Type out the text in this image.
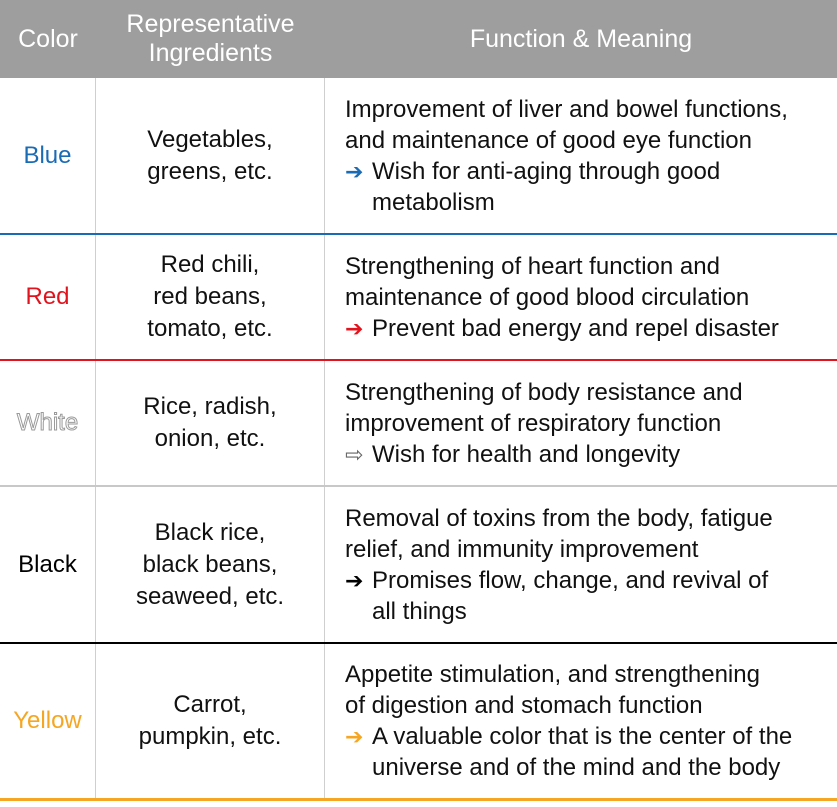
Color
Representative
Ingredients
Function & Meaning
Blue
Vegetables,
greens, etc.
Improvement of liver and bowel functions,
and maintenance of good eye function
➔ Wish for anti-aging through good
metabolism
Red
Red chili,
red beans,
tomato, etc.
Strengthening of heart function and
maintenance of good blood circulation
➔ Prevent bad energy and repel disaster
White
Rice, radish,
onion, etc.
Strengthening of body resistance and
improvement of respiratory function
⇨ Wish for health and longevity
Black
Black rice,
black beans,
seaweed, etc.
Removal of toxins from the body, fatigue
relief, and immunity improvement
➔ Promises flow, change, and revival of
all things
Yellow
Carrot,
pumpkin, etc.
Appetite stimulation, and strengthening
of digestion and stomach function
➔ A valuable color that is the center of the
universe and of the mind and the body
